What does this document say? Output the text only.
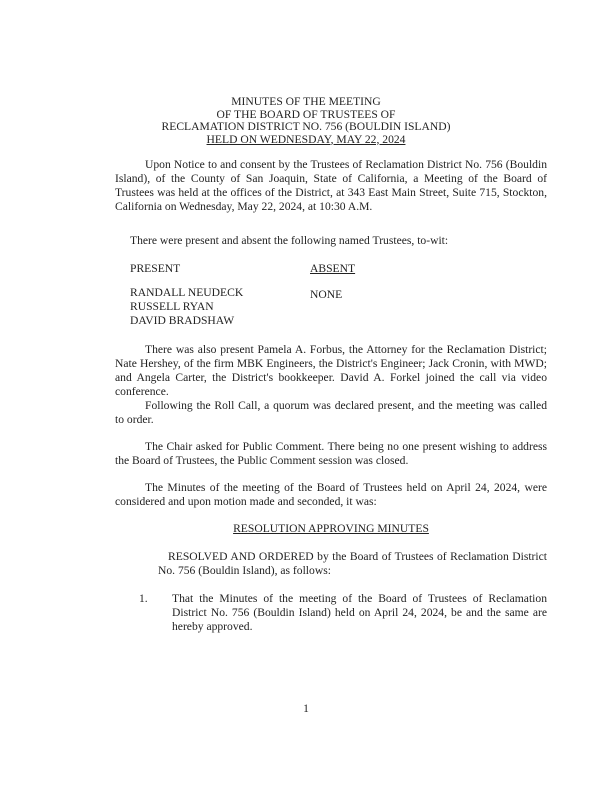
MINUTES OF THE MEETING
OF THE BOARD OF TRUSTEES OF
RECLAMATION DISTRICT NO. 756 (BOULDIN ISLAND)
HELD ON WEDNESDAY, MAY 22, 2024
Upon Notice to and consent by the Trustees of Reclamation District No. 756 (Bouldin Island), of the County of San Joaquin, State of California, a Meeting of the Board of Trustees was held at the offices of the District, at 343 East Main Street, Suite 715, Stockton, California on Wednesday, May 22, 2024, at 10:30 A.M.
There were present and absent the following named Trustees, to-wit:
PRESENT	ABSENT
RANDALL NEUDECK
RUSSELL RYAN
DAVID BRADSHAW
NONE
There was also present Pamela A. Forbus, the Attorney for the Reclamation District; Nate Hershey, of the firm MBK Engineers, the District's Engineer; Jack Cronin, with MWD; and Angela Carter, the District's bookkeeper. David A. Forkel joined the call via video conference.
Following the Roll Call, a quorum was declared present, and the meeting was called to order.
The Chair asked for Public Comment. There being no one present wishing to address the Board of Trustees, the Public Comment session was closed.
The Minutes of the meeting of the Board of Trustees held on April 24, 2024, were considered and upon motion made and seconded, it was:
RESOLUTION APPROVING MINUTES
RESOLVED AND ORDERED by the Board of Trustees of Reclamation District No. 756 (Bouldin Island), as follows:
1. That the Minutes of the meeting of the Board of Trustees of Reclamation District No. 756 (Bouldin Island) held on April 24, 2024, be and the same are hereby approved.
1
